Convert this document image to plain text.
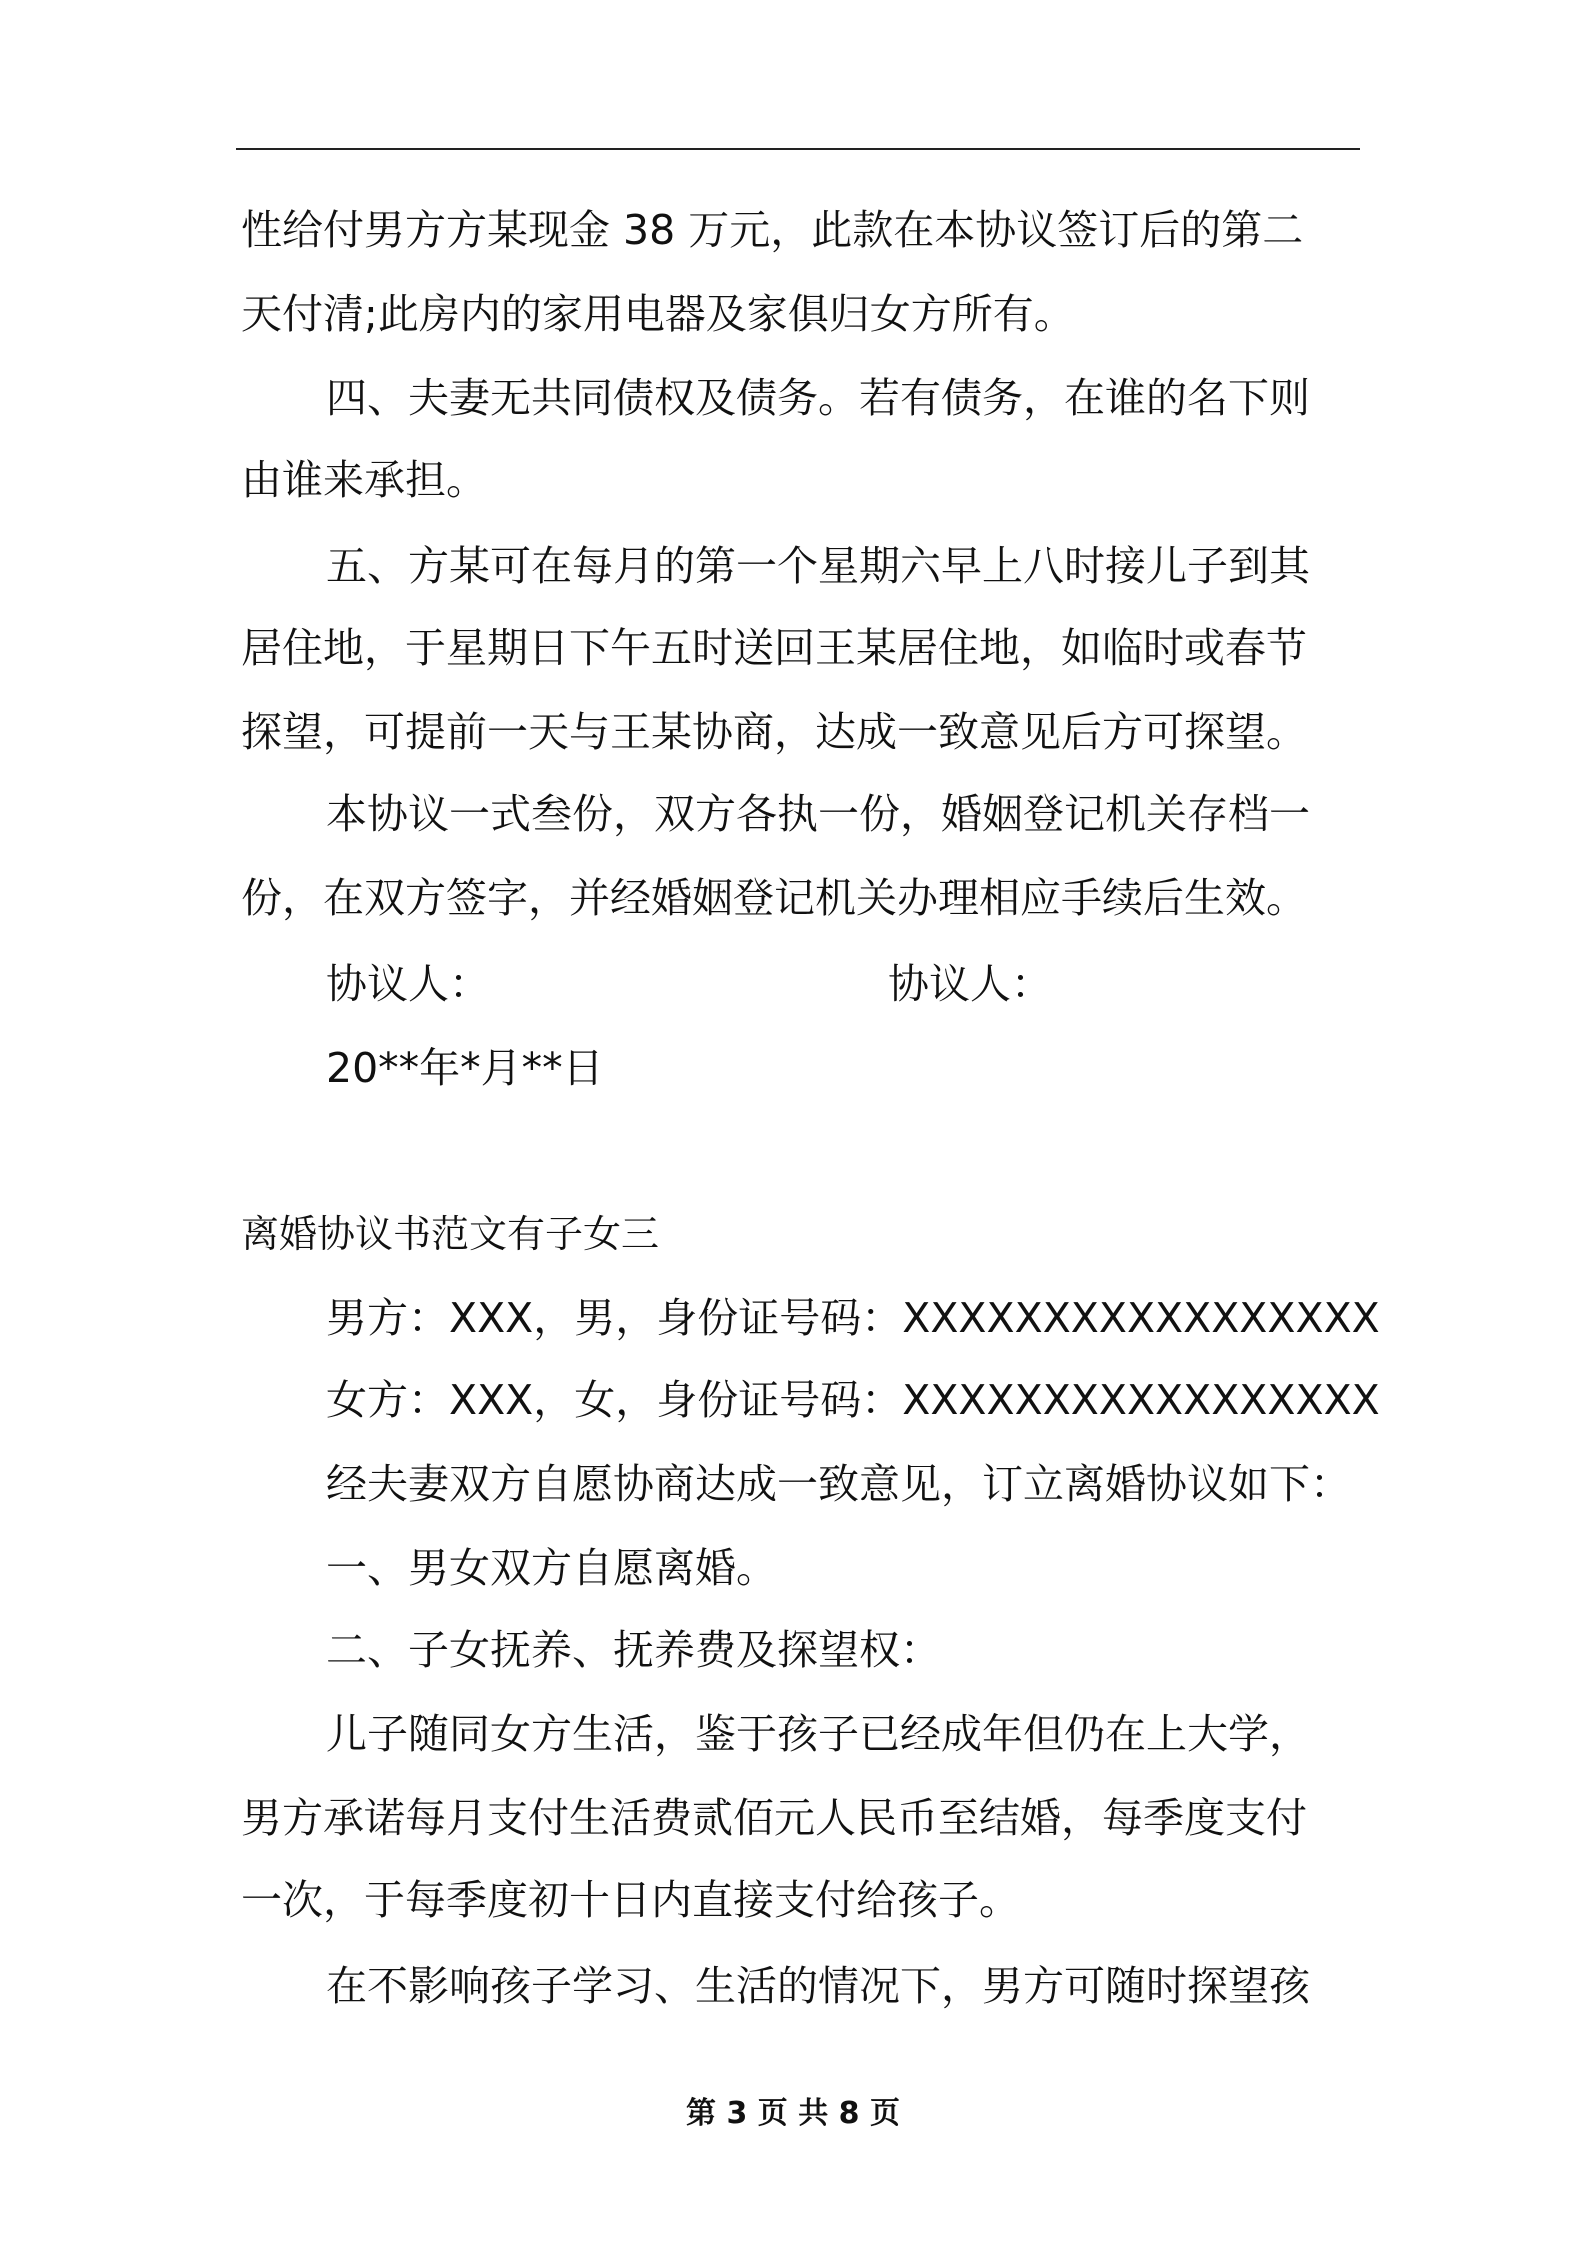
性给付男方方某现金 38 万元，此款在本协议签订后的第二
天付清;此房内的家用电器及家俱归女方所有。
四、夫妻无共同债权及债务。若有债务，在谁的名下则
由谁来承担。
五、方某可在每月的第一个星期六早上八时接儿子到其
居住地，于星期日下午五时送回王某居住地，如临时或春节
探望，可提前一天与王某协商，达成一致意见后方可探望。
本协议一式叁份，双方各执一份，婚姻登记机关存档一
份，在双方签字，并经婚姻登记机关办理相应手续后生效。
协议人：	协议人：
20**年*月**日
离婚协议书范文有子女三
男方：XXX，男，身份证号码：XXXXXXXXXXXXXXXXX
女方：XXX，女，身份证号码：XXXXXXXXXXXXXXXXX
经夫妻双方自愿协商达成一致意见，订立离婚协议如下：
一、男女双方自愿离婚。
二、子女抚养、抚养费及探望权：
儿子随同女方生活，鉴于孩子已经成年但仍在上大学，
男方承诺每月支付生活费贰佰元人民币至结婚，每季度支付
一次，于每季度初十日内直接支付给孩子。
在不影响孩子学习、生活的情况下，男方可随时探望孩
第 3 页 共 8 页
